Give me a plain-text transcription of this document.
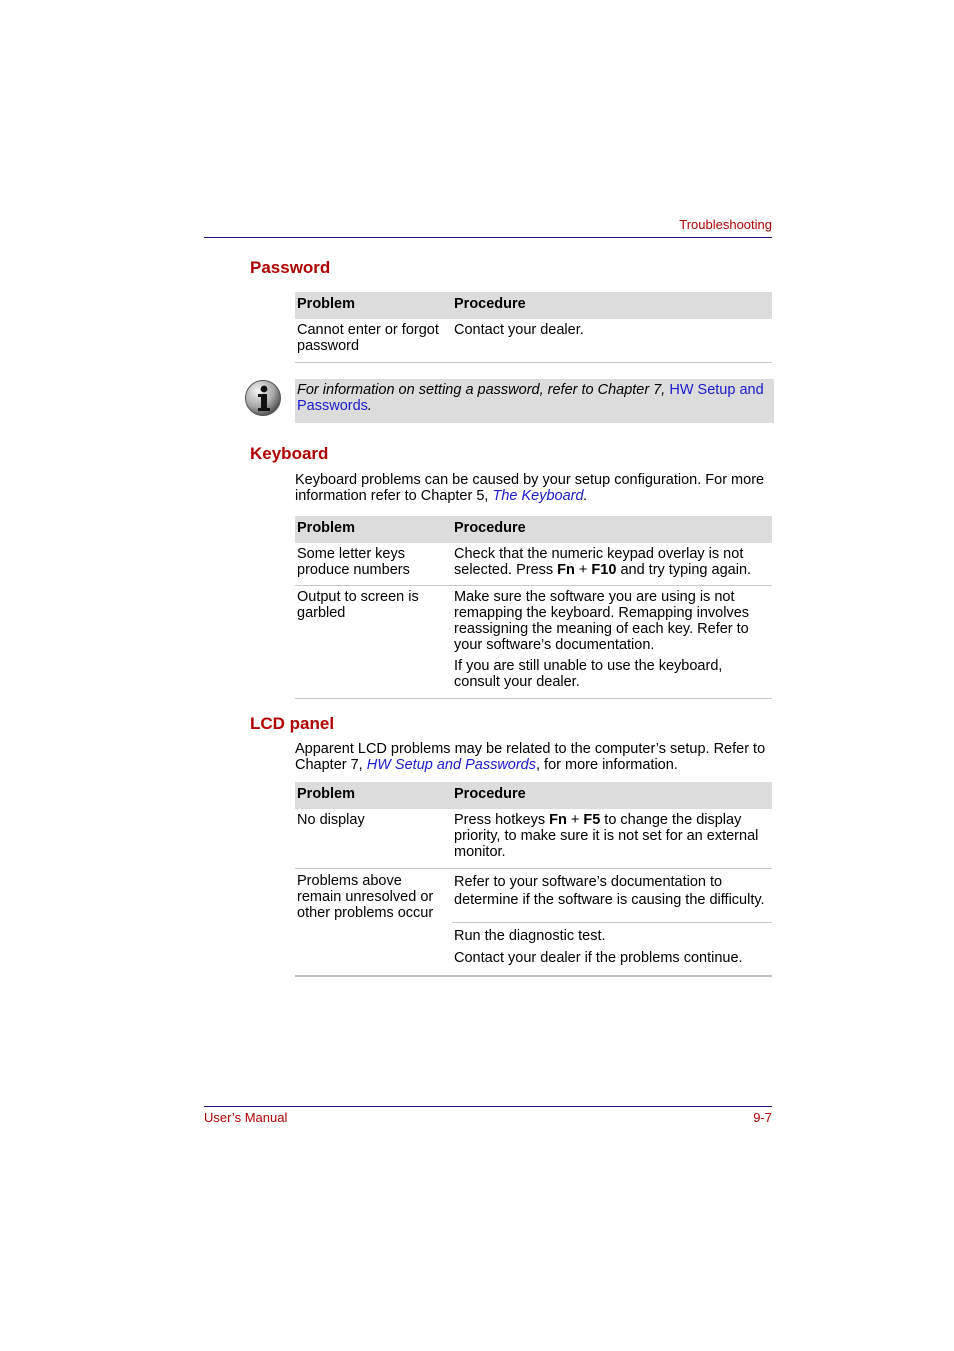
Troubleshooting
Password
Problem	Procedure
Cannot enter or forgot password	Contact your dealer.
For information on setting a password, refer to Chapter 7, HW Setup and Passwords.
Keyboard
Keyboard problems can be caused by your setup configuration. For more information refer to Chapter 5, The Keyboard.
Problem	Procedure
Some letter keys produce numbers	Check that the numeric keypad overlay is not selected. Press Fn + F10 and try typing again.
Output to screen is garbled	Make sure the software you are using is not remapping the keyboard. Remapping involves reassigning the meaning of each key. Refer to your software’s documentation.

If you are still unable to use the keyboard, consult your dealer.

LCD panel
Apparent LCD problems may be related to the computer’s setup. Refer to Chapter 7, HW Setup and Passwords, for more information.
Problem	Procedure
No display	Press hotkeys Fn + F5 to change the display priority, to make sure it is not set for an external monitor.
Problems above remain unresolved or other problems occur	Refer to your software’s documentation to determine if the software is causing the difficulty.

Run the diagnostic test.

Contact your dealer if the problems continue.

User’s Manual	9-7
